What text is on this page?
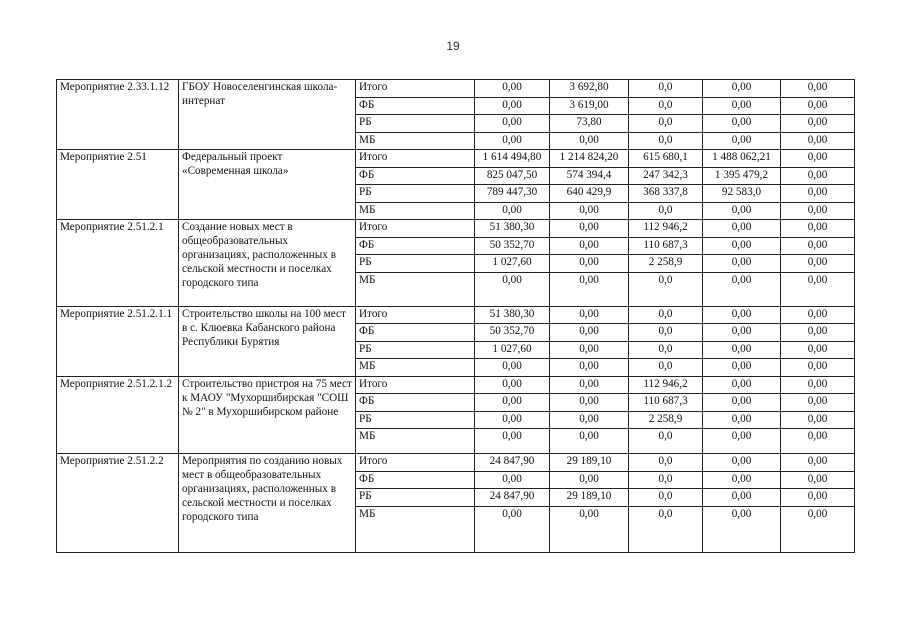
19
Мероприятие 2.33.1.12	ГБОУ Новоселенгинская школа-интернат	Итого	0,00	3 692,80	0,0	0,00	0,00
		ФБ	0,00	3 619,00	0,0	0,00	0,00
		РБ	0,00	73,80	0,0	0,00	0,00
		МБ	0,00	0,00	0,0	0,00	0,00
Мероприятие 2.51	Федеральный проект «Современная школа»	Итого	1 614 494,80	1 214 824,20	615 680,1	1 488 062,21	0,00
		ФБ	825 047,50	574 394,4	247 342,3	1 395 479,2	0,00
		РБ	789 447,30	640 429,9	368 337,8	92 583,0	0,00
		МБ	0,00	0,00	0,0	0,00	0,00
Мероприятие 2.51.2.1	Создание новых мест в общеобразовательных организациях, расположенных в сельской местности и поселках городского типа	Итого	51 380,30	0,00	112 946,2	0,00	0,00
		ФБ	50 352,70	0,00	110 687,3	0,00	0,00
		РБ	1 027,60	0,00	2 258,9	0,00	0,00
		МБ	0,00	0,00	0,0	0,00	0,00
Мероприятие 2.51.2.1.1	Строительство школы на 100 мест в с. Клюевка Кабанского района Республики Бурятия	Итого	51 380,30	0,00	0,0	0,00	0,00
		ФБ	50 352,70	0,00	0,0	0,00	0,00
		РБ	1 027,60	0,00	0,0	0,00	0,00
		МБ	0,00	0,00	0,0	0,00	0,00
Мероприятие 2.51.2.1.2	Строительство пристроя на 75 мест к МАОУ "Мухоршибирская "СОШ № 2" в Мухоршибирском районе	Итого	0,00	0,00	112 946,2	0,00	0,00
		ФБ	0,00	0,00	110 687,3	0,00	0,00
		РБ	0,00	0,00	2 258,9	0,00	0,00
		МБ	0,00	0,00	0,0	0,00	0,00
Мероприятие 2.51.2.2	Мероприятия по созданию новых мест в общеобразовательных организациях, расположенных в сельской местности и поселках городского типа	Итого	24 847,90	29 189,10	0,0	0,00	0,00
		ФБ	0,00	0,00	0,0	0,00	0,00
		РБ	24 847,90	29 189,10	0,0	0,00	0,00
		МБ	0,00	0,00	0,0	0,00	0,00
